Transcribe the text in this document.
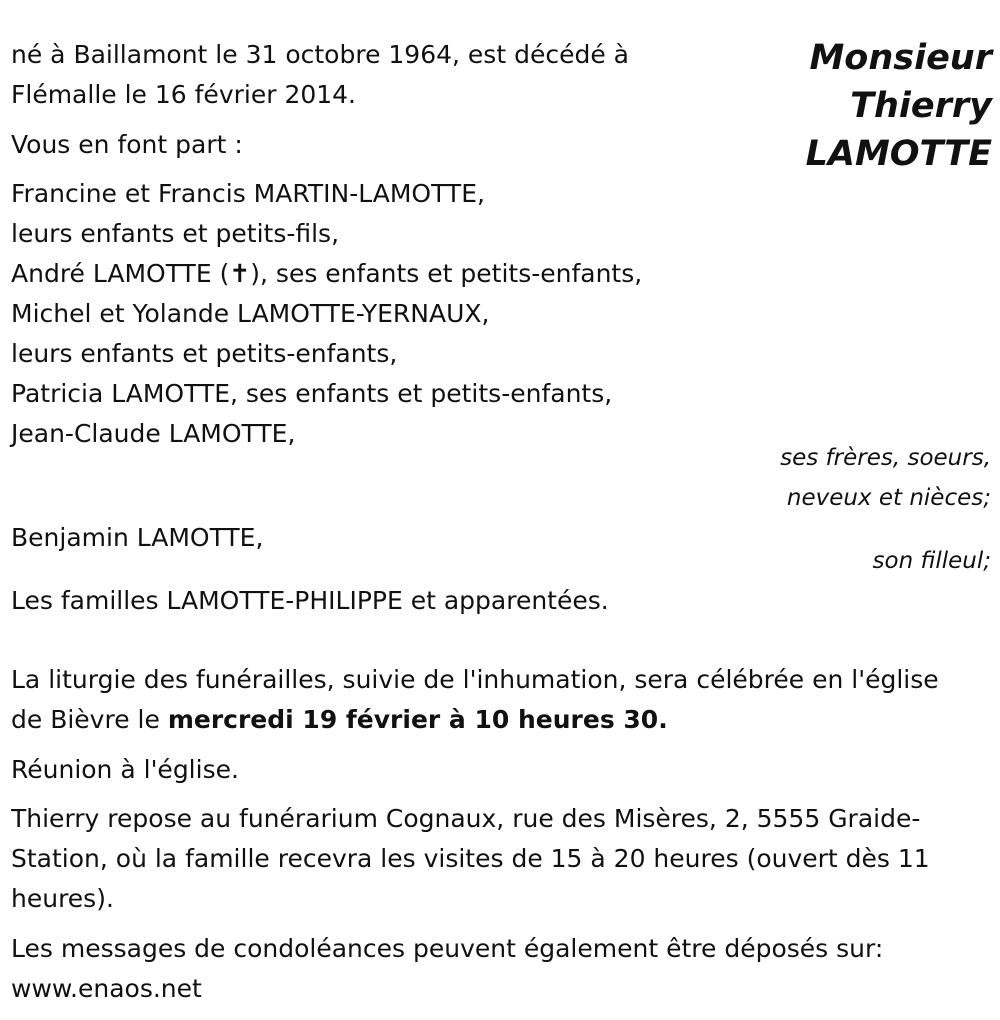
Monsieur
Thierry
LAMOTTE
né à Baillamont le 31 octobre 1964, est décédé à
Flémalle le 16 février 2014.
Vous en font part :
Francine et Francis MARTIN-LAMOTTE,
leurs enfants et petits-fils,
André LAMOTTE (✝), ses enfants et petits-enfants,
Michel et Yolande LAMOTTE-YERNAUX,
leurs enfants et petits-enfants,
Patricia LAMOTTE, ses enfants et petits-enfants,
Jean-Claude LAMOTTE,
ses frères, soeurs,
neveux et nièces;
Benjamin LAMOTTE,
son filleul;
Les familles LAMOTTE-PHILIPPE et apparentées.
La liturgie des funérailles, suivie de l'inhumation, sera célébrée en l'église
de Bièvre le mercredi 19 février à 10 heures 30.
Réunion à l'église.
Thierry repose au funérarium Cognaux, rue des Misères, 2, 5555 Graide-
Station, où la famille recevra les visites de 15 à 20 heures (ouvert dès 11
heures).
Les messages de condoléances peuvent également être déposés sur:
www.enaos.net
